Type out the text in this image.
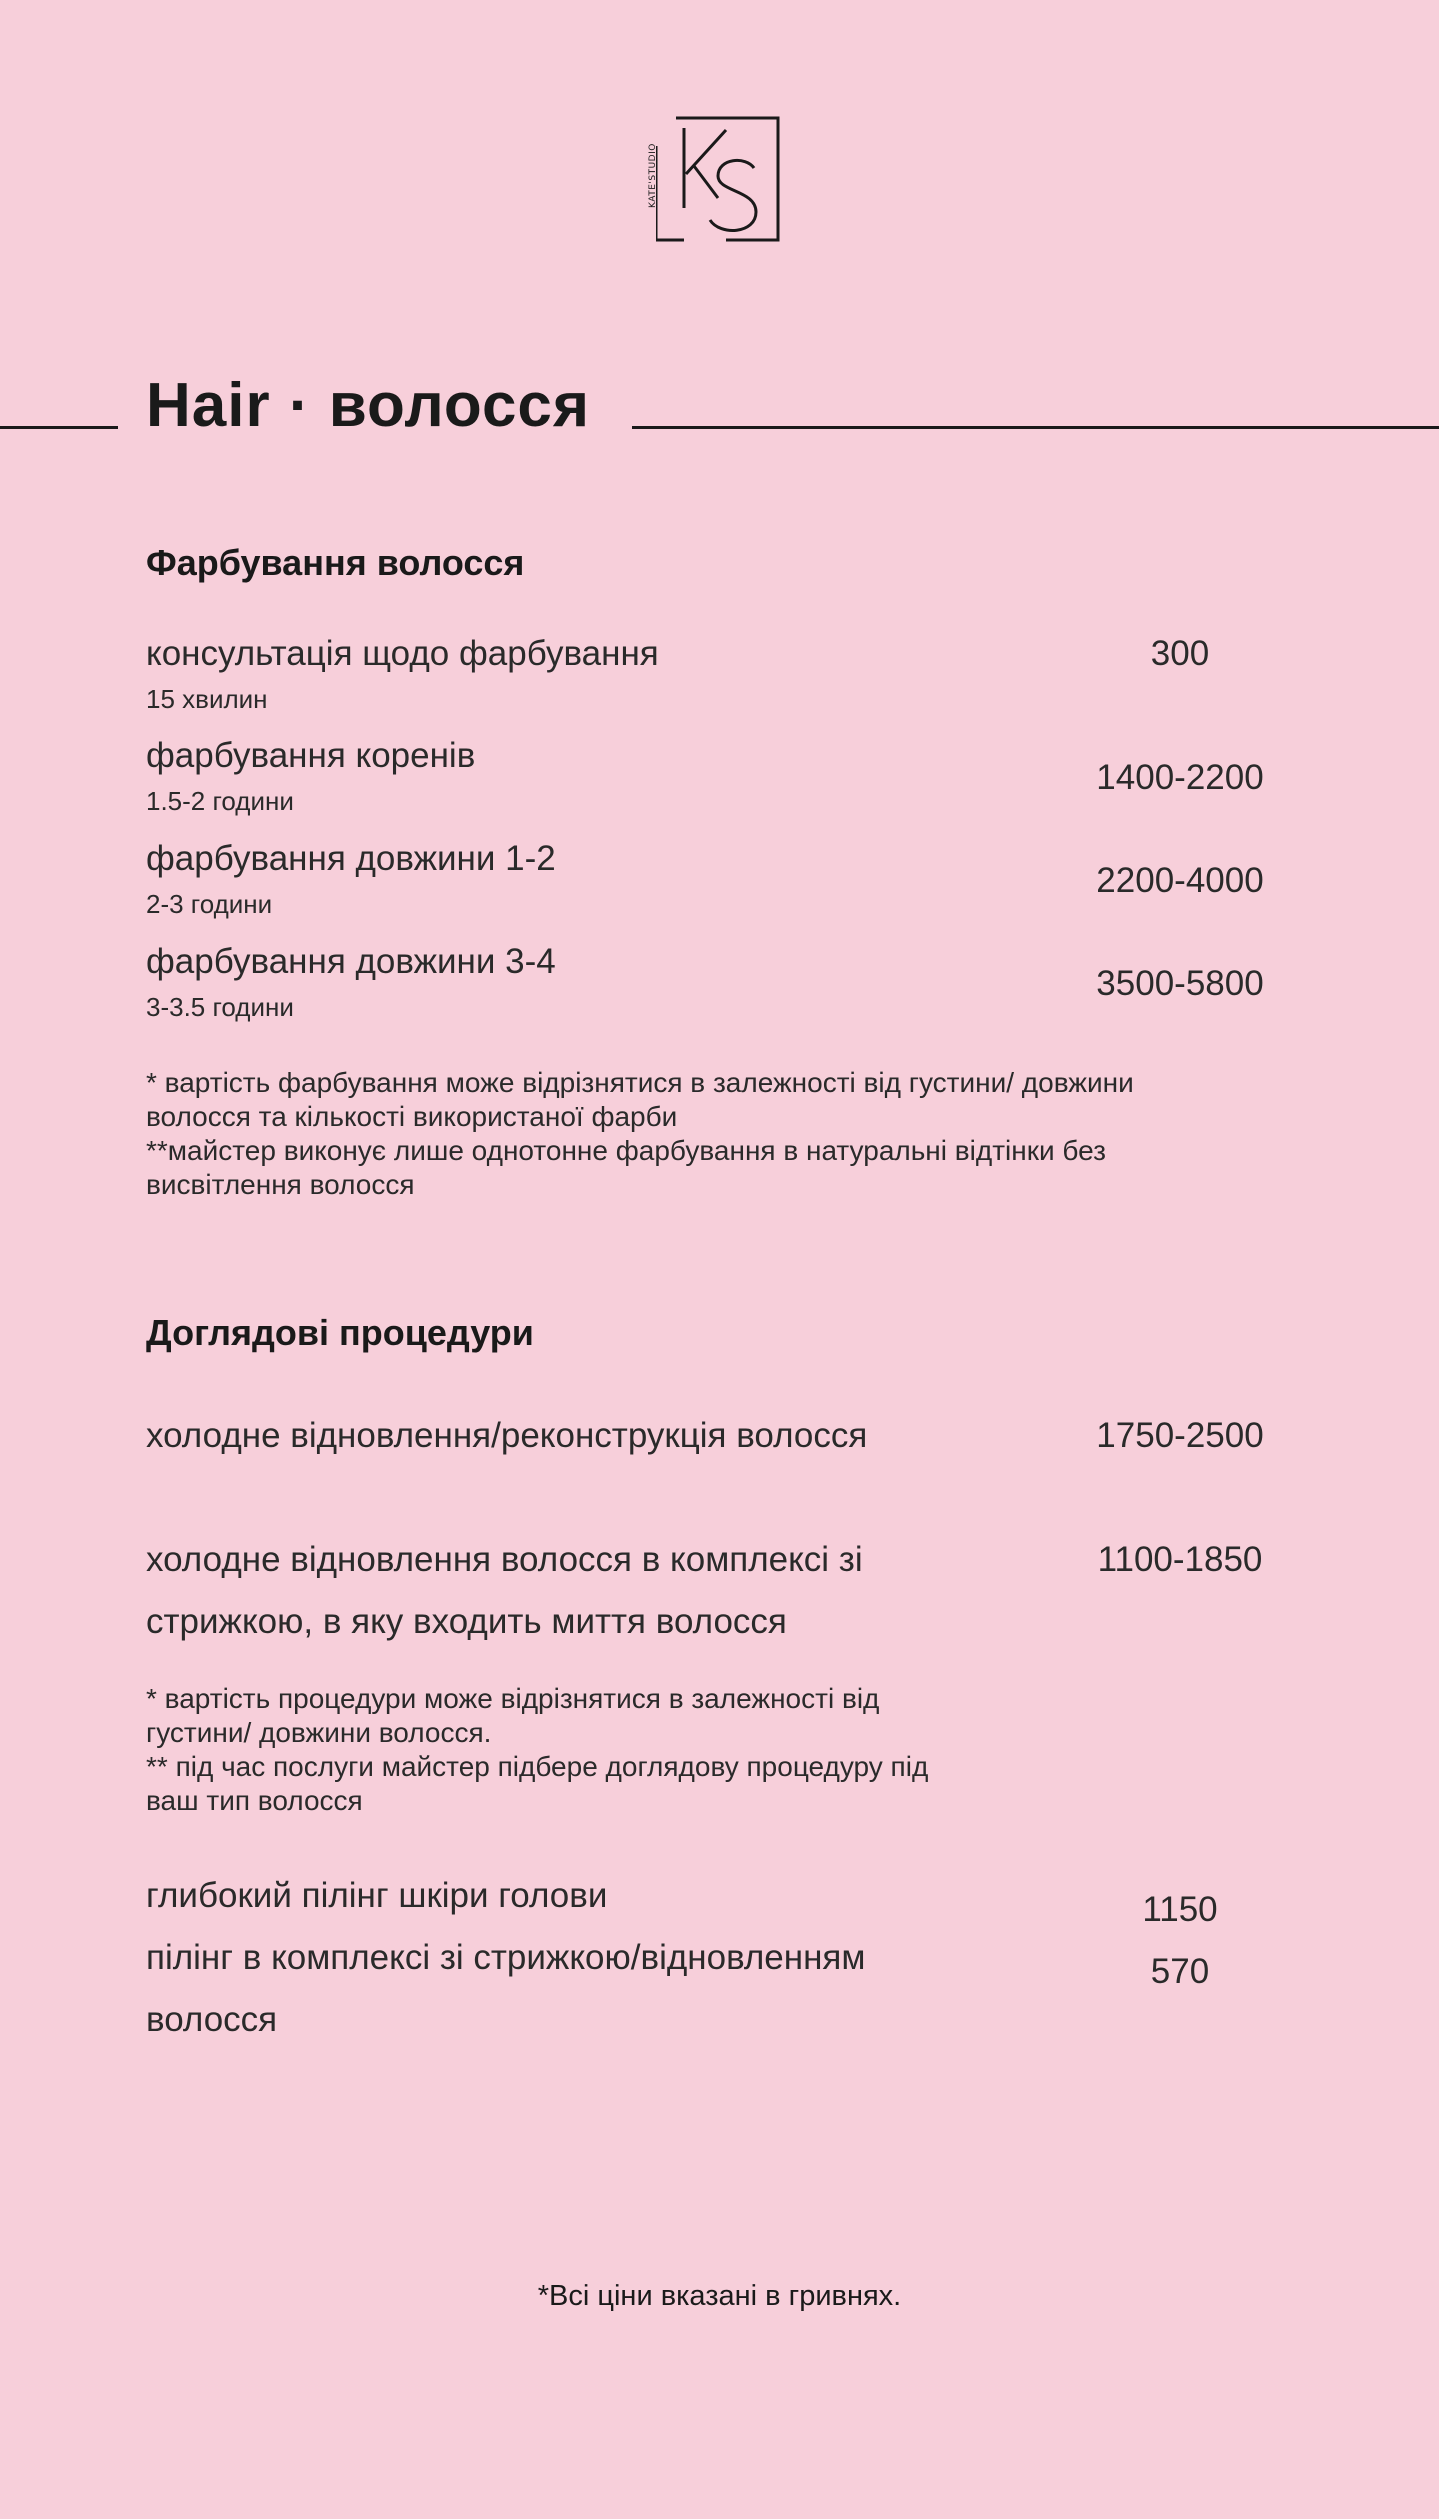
KATE'STUDIO
Hair · волосся
Фарбування волосся
консультація щодо фарбування
15 хвилин
300
фарбування коренів
1.5-2 години
1400-2200
фарбування довжини 1-2
2-3 години
2200-4000
фарбування довжини 3-4
3-3.5 години
3500-5800
* вартість фарбування може відрізнятися в залежності від густини/ довжини
волосся та кількості використаної фарби
**майстер виконує лише однотонне фарбування в натуральні відтінки без
висвітлення волосся
Доглядові процедури
холодне відновлення/реконструкція волосся	1750-2500
холодне відновлення волосся в комплексі зі
стрижкою, в яку входить миття волосся
1100-1850
* вартість процедури може відрізнятися в залежності від
густини/ довжини волосся.
** під час послуги майстер підбере доглядову процедуру під
ваш тип волосся
глибокий пілінг шкіри голови	1150
пілінг в комплексі зі стрижкою/відновленням
волосся
570
*Всі ціни вказані в гривнях.
